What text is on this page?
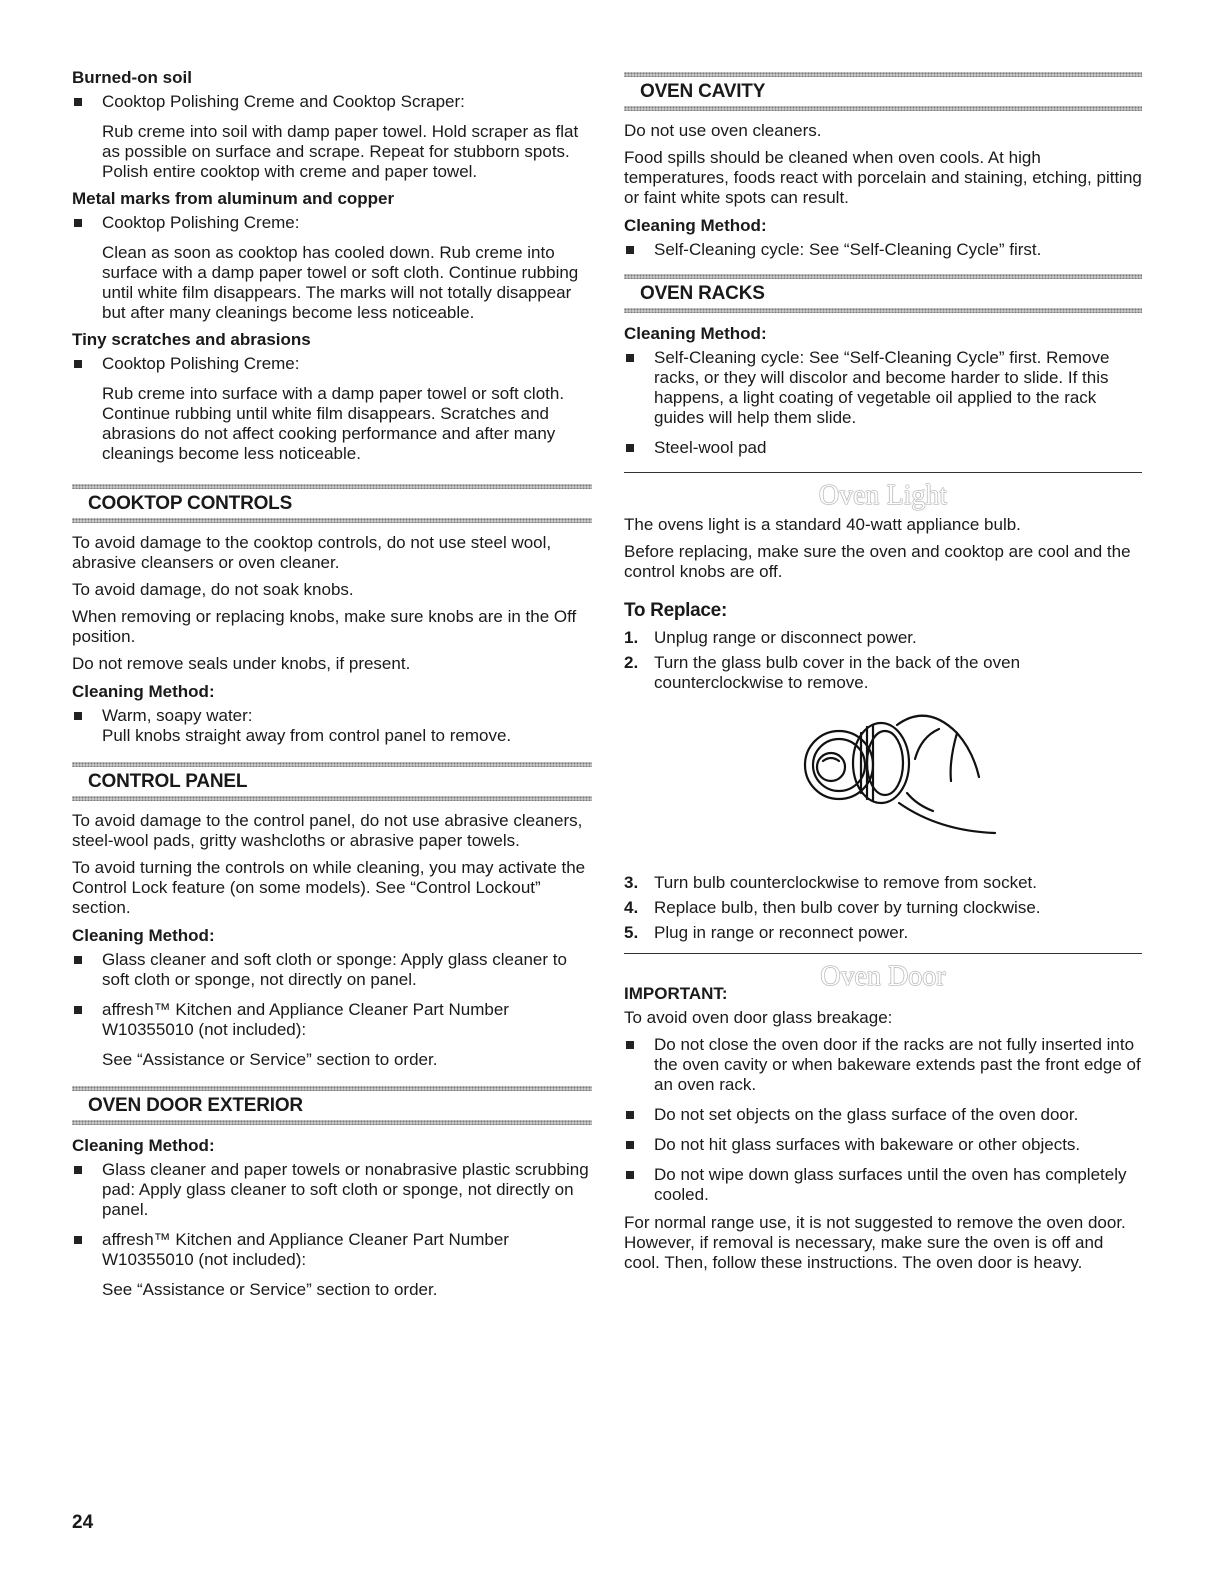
Burned-on soil
Cooktop Polishing Creme and Cooktop Scraper:
Rub creme into soil with damp paper towel. Hold scraper as flat as possible on surface and scrape. Repeat for stubborn spots. Polish entire cooktop with creme and paper towel.
Metal marks from aluminum and copper
Cooktop Polishing Creme:
Clean as soon as cooktop has cooled down. Rub creme into surface with a damp paper towel or soft cloth. Continue rubbing until white film disappears. The marks will not totally disappear but after many cleanings become less noticeable.
Tiny scratches and abrasions
Cooktop Polishing Creme:
Rub creme into surface with a damp paper towel or soft cloth. Continue rubbing until white film disappears. Scratches and abrasions do not affect cooking performance and after many cleanings become less noticeable.
COOKTOP CONTROLS
To avoid damage to the cooktop controls, do not use steel wool, abrasive cleansers or oven cleaner.
To avoid damage, do not soak knobs.
When removing or replacing knobs, make sure knobs are in the Off position.
Do not remove seals under knobs, if present.
Cleaning Method:
Warm, soapy water:
Pull knobs straight away from control panel to remove.
CONTROL PANEL
To avoid damage to the control panel, do not use abrasive cleaners, steel-wool pads, gritty washcloths or abrasive paper towels.
To avoid turning the controls on while cleaning, you may activate the Control Lock feature (on some models). See “Control Lockout” section.
Cleaning Method:
Glass cleaner and soft cloth or sponge: Apply glass cleaner to soft cloth or sponge, not directly on panel.
affresh™ Kitchen and Appliance Cleaner Part Number W10355010 (not included):
See “Assistance or Service” section to order.
OVEN DOOR EXTERIOR
Cleaning Method:
Glass cleaner and paper towels or nonabrasive plastic scrubbing pad: Apply glass cleaner to soft cloth or sponge, not directly on panel.
affresh™ Kitchen and Appliance Cleaner Part Number W10355010 (not included):
See “Assistance or Service” section to order.
OVEN CAVITY
Do not use oven cleaners.
Food spills should be cleaned when oven cools. At high temperatures, foods react with porcelain and staining, etching, pitting or faint white spots can result.
Cleaning Method:
Self-Cleaning cycle: See “Self-Cleaning Cycle” first.
OVEN RACKS
Cleaning Method:
Self-Cleaning cycle: See “Self-Cleaning Cycle” first. Remove racks, or they will discolor and become harder to slide. If this happens, a light coating of vegetable oil applied to the rack guides will help them slide.
Steel-wool pad
Oven Light
The ovens light is a standard 40-watt appliance bulb.
Before replacing, make sure the oven and cooktop are cool and the control knobs are off.
To Replace:
1. Unplug range or disconnect power.
2. Turn the glass bulb cover in the back of the oven counterclockwise to remove.
3. Turn bulb counterclockwise to remove from socket.
4. Replace bulb, then bulb cover by turning clockwise.
5. Plug in range or reconnect power.
Oven Door
IMPORTANT:
To avoid oven door glass breakage:
Do not close the oven door if the racks are not fully inserted into the oven cavity or when bakeware extends past the front edge of an oven rack.
Do not set objects on the glass surface of the oven door.
Do not hit glass surfaces with bakeware or other objects.
Do not wipe down glass surfaces until the oven has completely cooled.
For normal range use, it is not suggested to remove the oven door. However, if removal is necessary, make sure the oven is off and cool. Then, follow these instructions. The oven door is heavy.
24
